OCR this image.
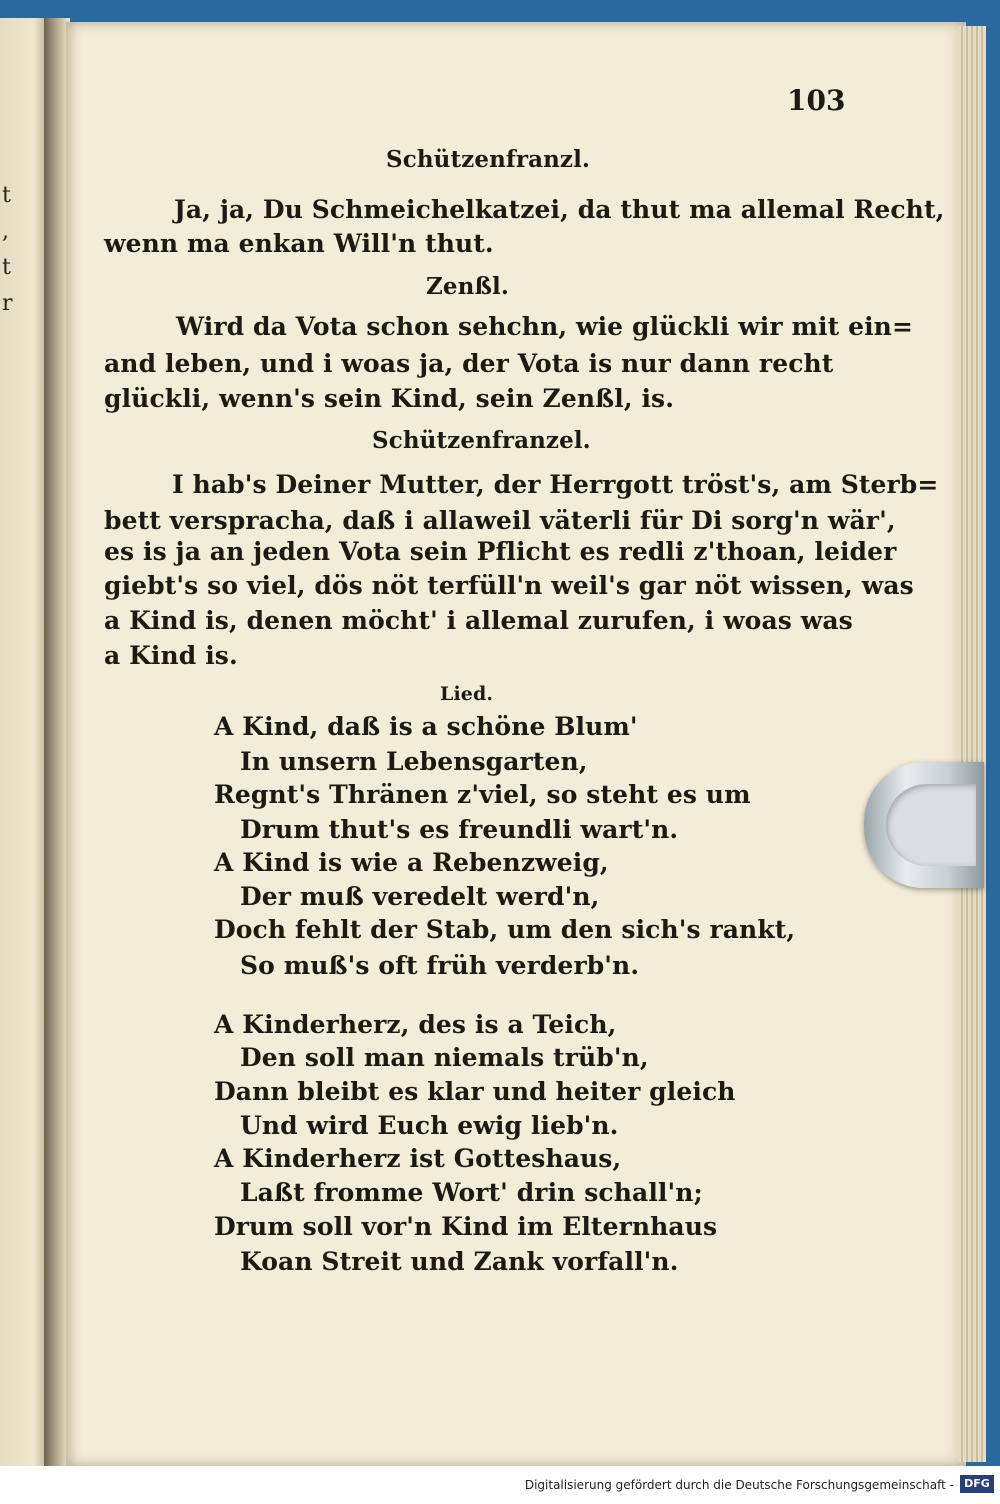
t
,
t
r
103
Schützenfranzl.
Ja, ja, Du Schmeichelkatzei, da thut ma allemal Recht,
wenn ma enkan Will'n thut.
Zenßl.
Wird da Vota schon sehchn, wie glückli wir mit ein=
and leben, und i woas ja, der Vota is nur dann recht
glückli, wenn's sein Kind, sein Zenßl, is.
Schützenfranzel.
I hab's Deiner Mutter, der Herrgott tröst's, am Sterb=
bett verspracha, daß i allaweil väterli für Di sorg'n wär',
es is ja an jeden Vota sein Pflicht es redli z'thoan, leider
giebt's so viel, dös nöt terfüll'n weil's gar nöt wissen, was
a Kind is, denen möcht' i allemal zurufen, i woas was
a Kind is.
Lied.
A Kind, daß is a schöne Blum'
In unsern Lebensgarten,
Regnt's Thränen z'viel, so steht es um
Drum thut's es freundli wart'n.
A Kind is wie a Rebenzweig,
Der muß veredelt werd'n,
Doch fehlt der Stab, um den sich's rankt,
So muß's oft früh verderb'n.
A Kinderherz, des is a Teich,
Den soll man niemals trüb'n,
Dann bleibt es klar und heiter gleich
Und wird Euch ewig lieb'n.
A Kinderherz ist Gotteshaus,
Laßt fromme Wort' drin schall'n;
Drum soll vor'n Kind im Elternhaus
Koan Streit und Zank vorfall'n.
Digitalisierung gefördert durch die Deutsche Forschungsgemeinschaft - DFG
